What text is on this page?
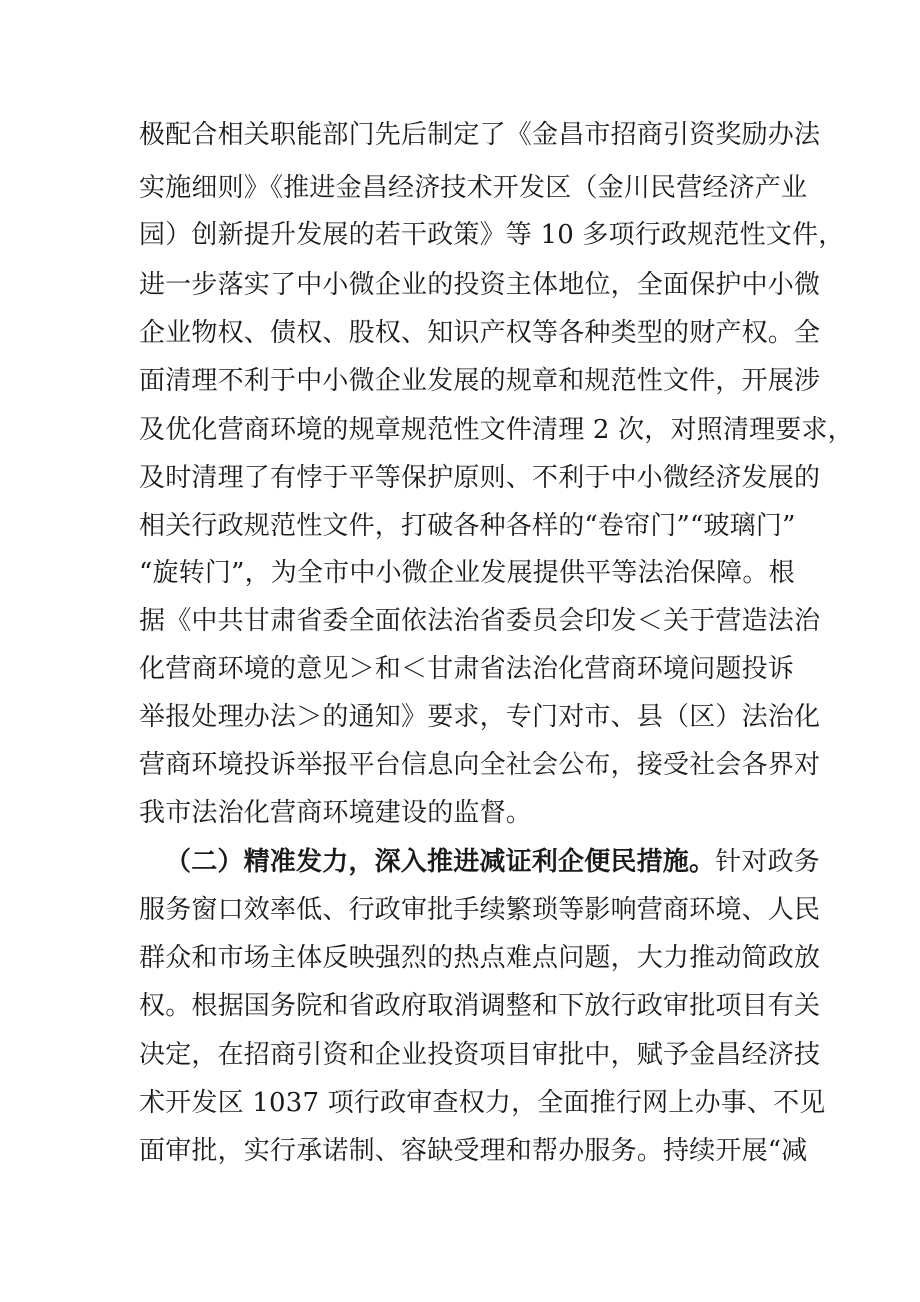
极配合相关职能部门先后制定了《金昌市招商引资奖励办法
实施细则》《推进金昌经济技术开发区（金川民营经济产业
园）创新提升发展的若干政策》等 10 多项行政规范性文件，
进一步落实了中小微企业的投资主体地位，全面保护中小微
企业物权、债权、股权、知识产权等各种类型的财产权。全
面清理不利于中小微企业发展的规章和规范性文件，开展涉
及优化营商环境的规章规范性文件清理 2 次，对照清理要求，
及时清理了有悖于平等保护原则、不利于中小微经济发展的
相关行政规范性文件，打破各种各样的“卷帘门”“玻璃门”
“旋转门”，为全市中小微企业发展提供平等法治保障。根
据《中共甘肃省委全面依法治省委员会印发＜关于营造法治
化营商环境的意见＞和＜甘肃省法治化营商环境问题投诉
举报处理办法＞的通知》要求，专门对市、县（区）法治化
营商环境投诉举报平台信息向全社会公布，接受社会各界对
我市法治化营商环境建设的监督。
（二）精准发力，深入推进减证利企便民措施。针对政务
服务窗口效率低、行政审批手续繁琐等影响营商环境、人民
群众和市场主体反映强烈的热点难点问题，大力推动简政放
权。根据国务院和省政府取消调整和下放行政审批项目有关
决定，在招商引资和企业投资项目审批中，赋予金昌经济技
术开发区 1037 项行政审查权力，全面推行网上办事、不见
面审批，实行承诺制、容缺受理和帮办服务。持续开展“减
